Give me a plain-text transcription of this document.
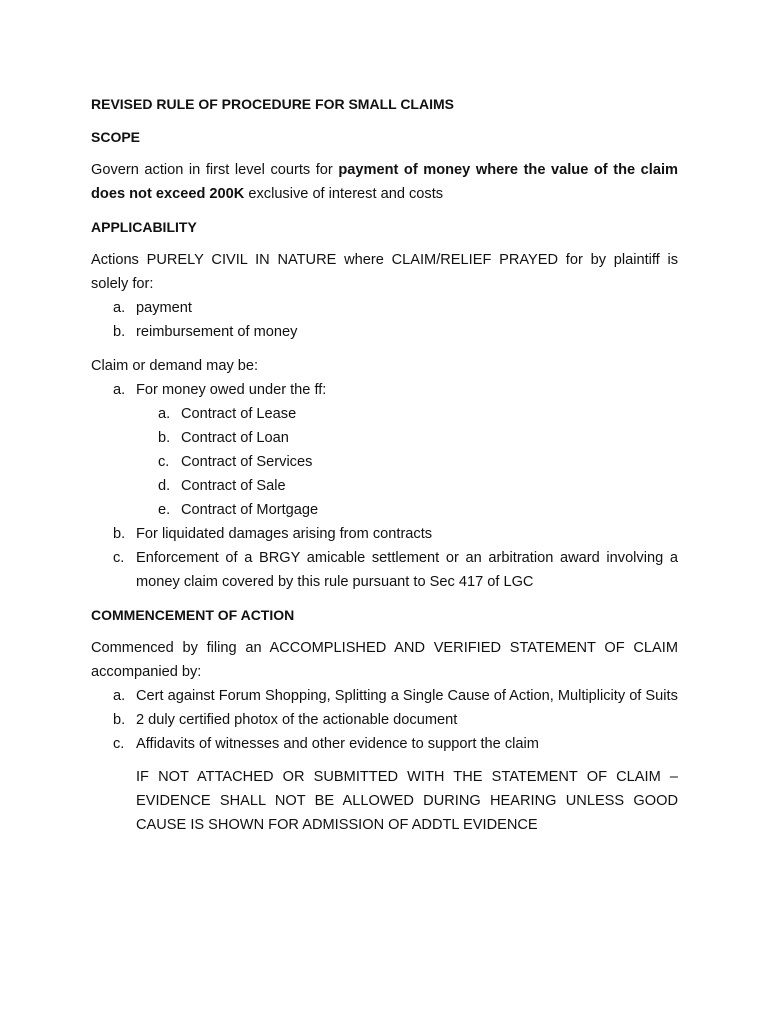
REVISED RULE OF PROCEDURE FOR SMALL CLAIMS

SCOPE

Govern action in first level courts for payment of money where the value of the claim does not exceed 200K exclusive of interest and costs

APPLICABILITY

Actions PURELY CIVIL IN NATURE where CLAIM/RELIEF PRAYED for by plaintiff is solely for:

a. payment
b. reimbursement of money

Claim or demand may be:

a. For money owed under the ff:
a. Contract of Lease
b. Contract of Loan
c. Contract of Services
d. Contract of Sale
e. Contract of Mortgage
b. For liquidated damages arising from contracts
c. Enforcement of a BRGY amicable settlement or an arbitration award involving a money claim covered by this rule pursuant to Sec 417 of LGC

COMMENCEMENT OF ACTION

Commenced by filing an ACCOMPLISHED AND VERIFIED STATEMENT OF CLAIM accompanied by:

a. Cert against Forum Shopping, Splitting a Single Cause of Action, Multiplicity of Suits
b. 2 duly certified photox of the actionable document
c. Affidavits of witnesses and other evidence to support the claim

IF NOT ATTACHED OR SUBMITTED WITH THE STATEMENT OF CLAIM – EVIDENCE SHALL NOT BE ALLOWED DURING HEARING UNLESS GOOD CAUSE IS SHOWN FOR ADMISSION OF ADDTL EVIDENCE
